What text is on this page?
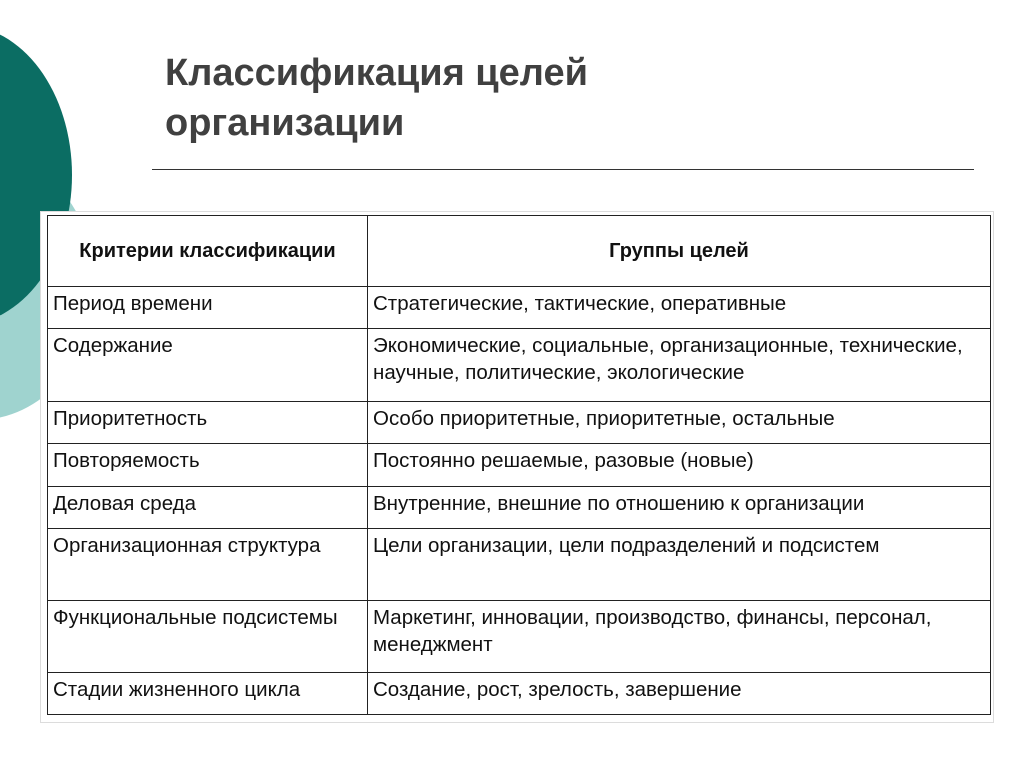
Классификация целей
организации
Критерии классификации	Группы целей
Период времени	Стратегические, тактические, оперативные
Содержание	Экономические, социальные, организационные, технические, научные, политические, экологические
Приоритетность	Особо приоритетные, приоритетные, остальные
Повторяемость	Постоянно решаемые, разовые (новые)
Деловая среда	Внутренние, внешние по отношению к организации
Организационная структура	Цели организации, цели подразделений и подсистем
Функциональные подсистемы	Маркетинг, инновации, производство, финансы, персонал, менеджмент
Стадии жизненного цикла	Создание, рост, зрелость, завершение
